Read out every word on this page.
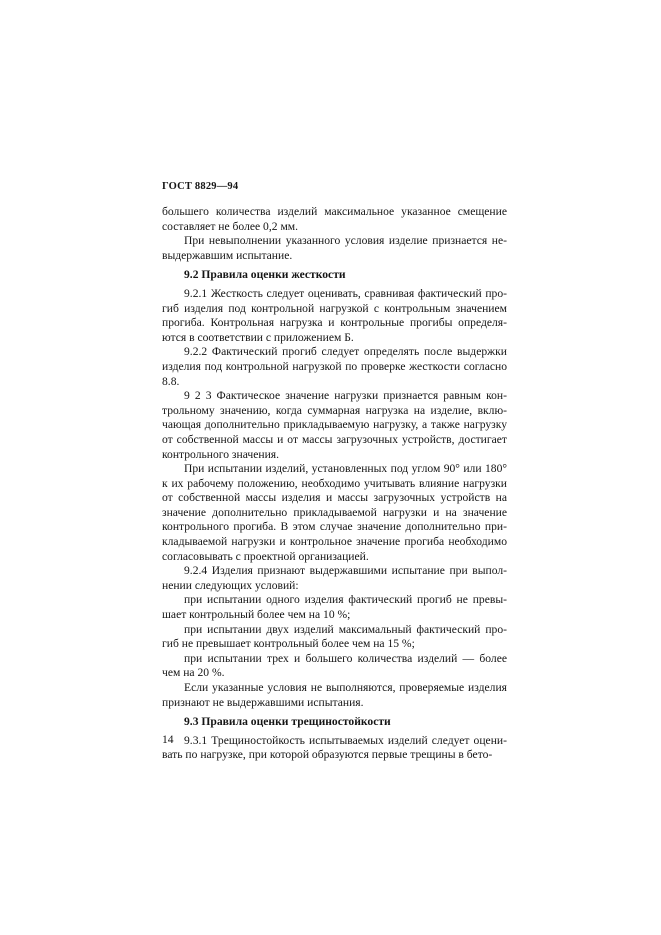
ГОСТ 8829—94

большего количества изделий максимальное указанное смещение составляет не более 0,2 мм.

При невыполнении указанного условия изделие признается невыдержавшим испытание.

9.2 Правила оценки жесткости

9.2.1 Жесткость следует оценивать, сравнивая фактический прогиб изделия под контрольной нагрузкой с контрольным значением прогиба. Контрольная нагрузка и контрольные прогибы определяются в соответствии с приложением Б.

9.2.2 Фактический прогиб следует определять после выдержки изделия под контрольной нагрузкой по проверке жесткости согласно 8.8.

9 2 3 Фактическое значение нагрузки признается равным контрольному значению, когда суммарная нагрузка на изделие, включающая дополнительно прикладываемую нагрузку, а также нагрузку от собственной массы и от массы загрузочных устройств, достигает контрольного значения.

При испытании изделий, установленных под углом 90° или 180° к их рабочему положению, необходимо учитывать влияние нагрузки от собственной массы изделия и массы загрузочных устройств на значение дополнительно прикладываемой нагрузки и на значение контрольного прогиба. В этом случае значение дополнительно прикладываемой нагрузки и контрольное значение прогиба необходимо согласовывать с проектной организацией.

9.2.4 Изделия признают выдержавшими испытание при выполнении следующих условий:

при испытании одного изделия фактический прогиб не превышает контрольный более чем на 10 %;

при испытании двух изделий максимальный фактический прогиб не превышает контрольный более чем на 15 %;

при испытании трех и большего количества изделий — более чем на 20 %.

Если указанные условия не выполняются, проверяемые изделия признают не выдержавшими испытания.

9.3 Правила оценки трещиностойкости

9.3.1 Трещиностойкость испытываемых изделий следует оценивать по нагрузке, при которой образуются первые трещины в бето-

14
